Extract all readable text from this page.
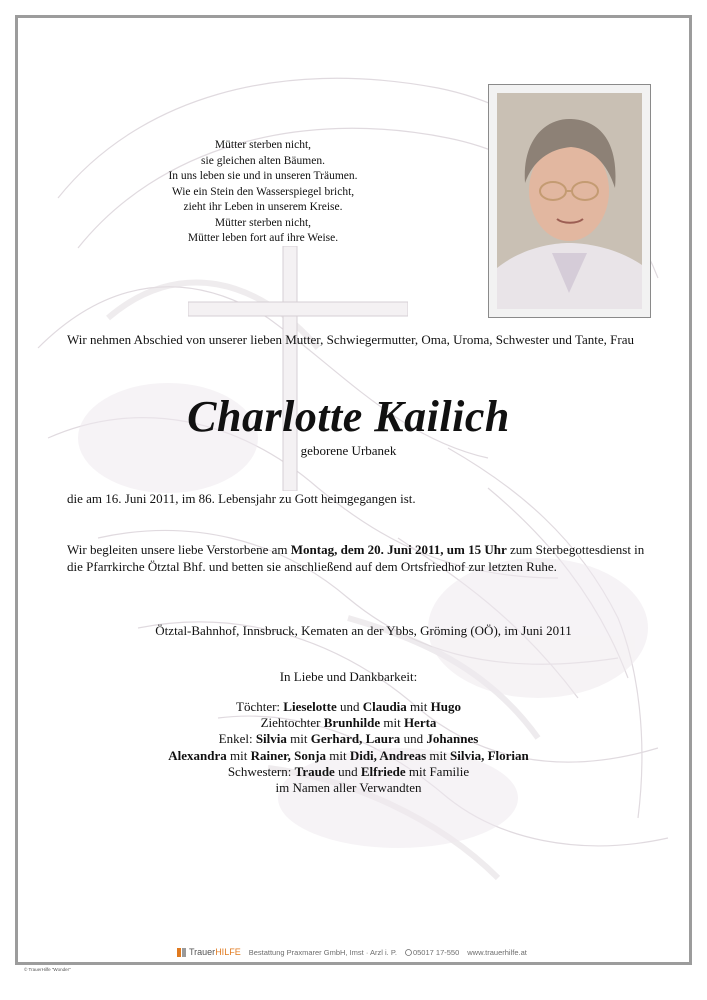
Mütter sterben nicht,
sie gleichen alten Bäumen.
In uns leben sie und in unseren Träumen.
Wie ein Stein den Wasserspiegel bricht,
zieht ihr Leben in unserem Kreise.
Mütter sterben nicht,
Mütter leben fort auf ihre Weise.

Wir nehmen Abschied von unserer lieben Mutter, Schwiegermutter, Oma, Uroma, Schwester und Tante, Frau

Charlotte Kailich

geborene Urbanek

die am 16. Juni 2011, im 86. Lebensjahr zu Gott heimgegangen ist.

Wir begleiten unsere liebe Verstorbene am Montag, dem 20. Juni 2011, um 15 Uhr zum Sterbegottesdienst in die Pfarrkirche Ötztal Bhf. und betten sie anschließend auf dem Ortsfriedhof zur letzten Ruhe.

Ötztal-Bahnhof, Innsbruck, Kematen an der Ybbs, Gröming (OÖ), im Juni 2011

In Liebe und Dankbarkeit:

Töchter: Lieselotte und Claudia mit Hugo
Ziehtochter Brunhilde mit Herta
Enkel: Silvia mit Gerhard, Laura und Johannes
Alexandra mit Rainer, Sonja mit Didi, Andreas mit Silvia, Florian
Schwestern: Traude und Elfriede mit Familie
im Namen aller Verwandten
TrauerHILFE Bestattung Praxmarer GmbH, Imst · Arzl i. P. 05017 17-550 www.trauerhilfe.at
© TrauerHilfe "Wonder"
